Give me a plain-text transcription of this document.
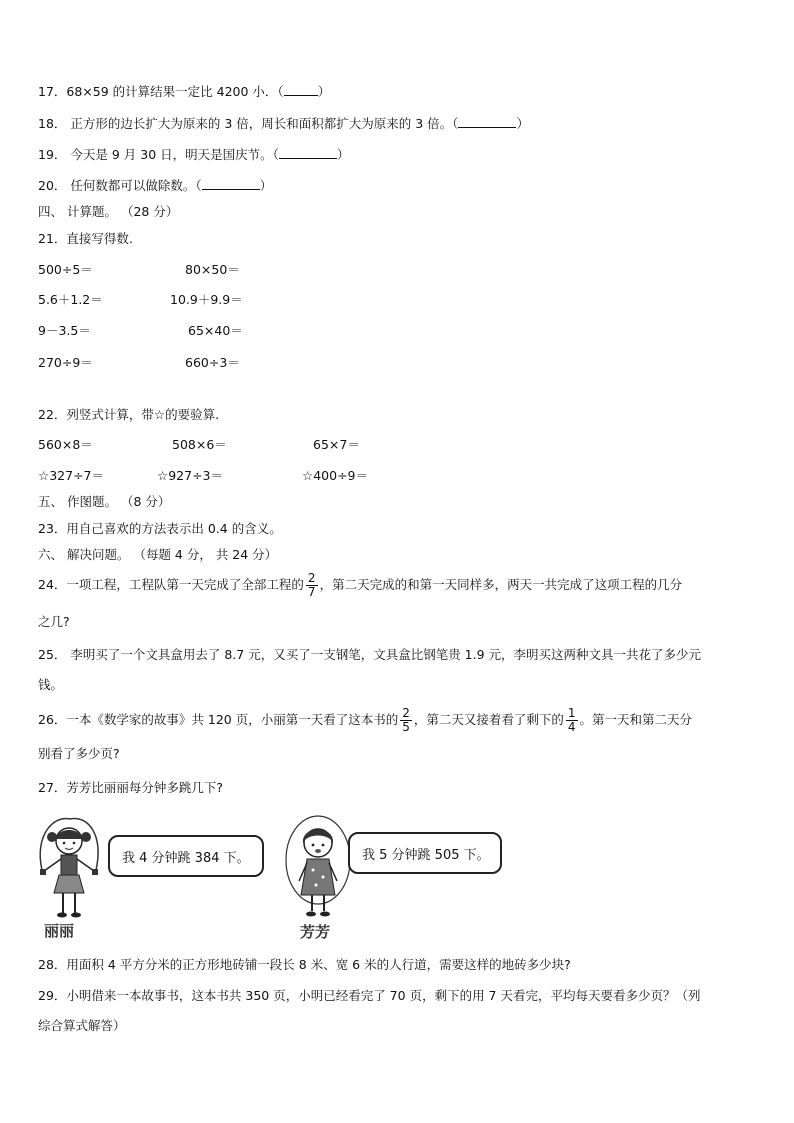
17．68×59 的计算结果一定比 4200 小．（	）
18． 正方形的边长扩大为原来的 3 倍，周长和面积都扩大为原来的 3 倍。（	）
19． 今天是 9 月 30 日，明天是国庆节。（	）
20． 任何数都可以做除数。（	）
四、 计算题。 （28 分）
21．直接写得数.
500÷5＝	80×50＝
5.6＋1.2＝	10.9＋9.9＝
9－3.5＝	65×40＝
270÷9＝	660÷3＝
22．列竖式计算，带☆的要验算.
560×8＝	508×6＝	65×7＝
☆327÷7＝	☆927÷3＝	☆400÷9＝
五、 作图题。 （8 分）
23．用自己喜欢的方法表示出 0.4 的含义。
六、 解决问题。 （每题 4 分， 共 24 分）
24．一项工程，工程队第一天完成了全部工程的 $\frac{2}{7}$ ，第二天完成的和第一天同样多，两天一共完成了这项工程的几分
之几?
25． 李明买了一个文具盒用去了 8.7 元，又买了一支钢笔，文具盒比钢笔贵 1.9 元，李明买这两种文具一共花了多少元
钱。
26．一本《数学家的故事》共 120 页，小丽第一天看了这本书的 $\frac{2}{5}$ ，第二天又接着看了剩下的 $\frac{1}{4}$ 。第一天和第二天分
别看了多少页?
27．芳芳比丽丽每分钟多跳几下?
我 4 分钟跳 384 下。
丽丽
我 5 分钟跳 505 下。
芳芳
28．用面积 4 平方分米的正方形地砖铺一段长 8 米、宽 6 米的人行道，需要这样的地砖多少块?
29．小明借来一本故事书，这本书共 350 页，小明已经看完了 70 页，剩下的用 7 天看完，平均每天要看多少页？（列
综合算式解答）
